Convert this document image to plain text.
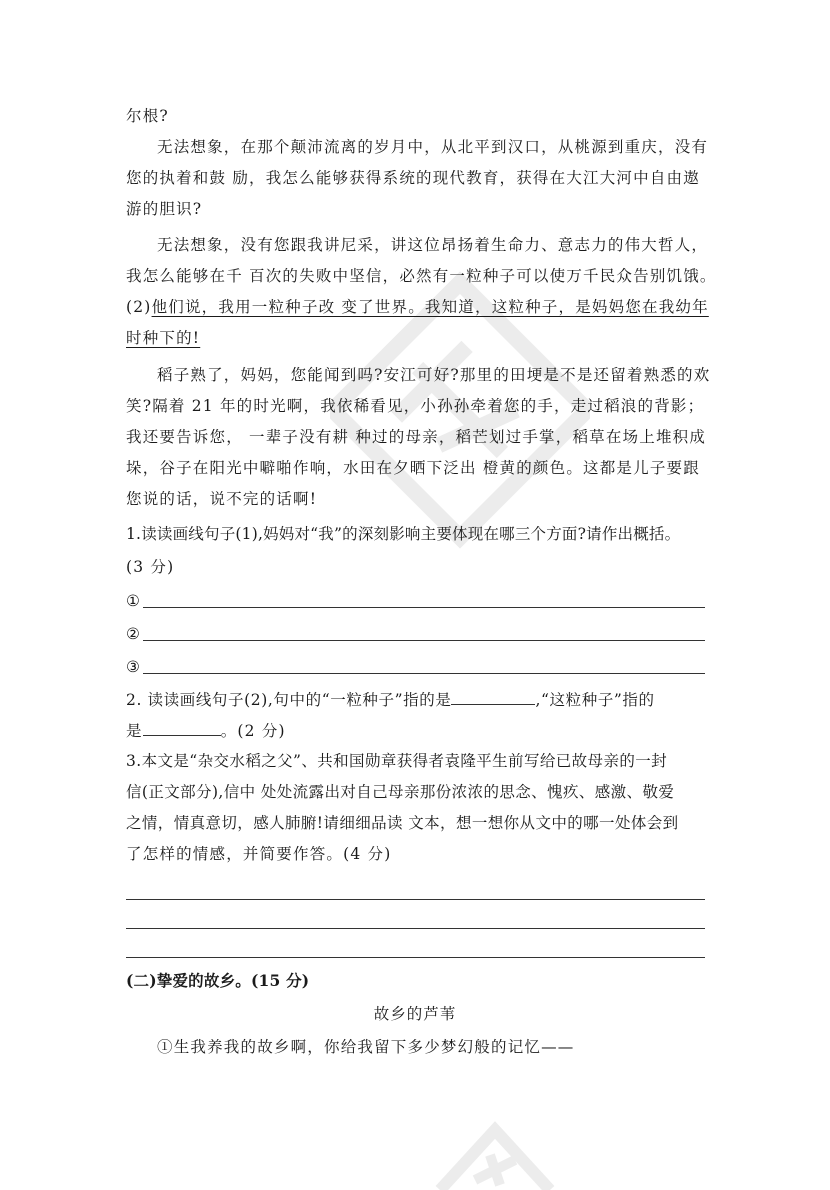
尔根?
无法想象，在那个颠沛流离的岁月中，从北平到汉口，从桃源到重庆，没有
您的执着和鼓 励，我怎么能够获得系统的现代教育，获得在大江大河中自由遨
游的胆识?
无法想象，没有您跟我讲尼采，讲这位昂扬着生命力、意志力的伟大哲人，
我怎么能够在千 百次的失败中坚信，必然有一粒种子可以使万千民众告别饥饿。
(2)他们说，我用一粒种子改 变了世界。我知道，这粒种子，是妈妈您在我幼年
时种下的!
稻子熟了，妈妈，您能闻到吗?安江可好?那里的田埂是不是还留着熟悉的欢
笑?隔着 21 年的时光啊，我依稀看见，小孙孙牵着您的手，走过稻浪的背影；
我还要告诉您， 一辈子没有耕 种过的母亲，稻芒划过手掌，稻草在场上堆积成
垛，谷子在阳光中噼啪作响，水田在夕晒下泛出 橙黄的颜色。这都是儿子要跟
您说的话，说不完的话啊!
1.读读画线句子(1),妈妈对“我”的深刻影响主要体现在哪三个方面?请作出概括。
(3 分)
①
②
③
2. 读读画线句子(2),句中的“一粒种子”指的是	,“这粒种子”指的
是	。(2 分)
3.本文是“杂交水稻之父”、共和国勋章获得者袁隆平生前写给已故母亲的一封
信(正文部分),信中 处处流露出对自己母亲那份浓浓的思念、愧疚、感激、敬爱
之情，情真意切，感人肺腑!请细细品读 文本，想一想你从文中的哪一处体会到
了怎样的情感，并简要作答。(4 分)
(二)挚爱的故乡。(15 分)
故乡的芦苇
①生我养我的故乡啊，你给我留下多少梦幻般的记忆——
